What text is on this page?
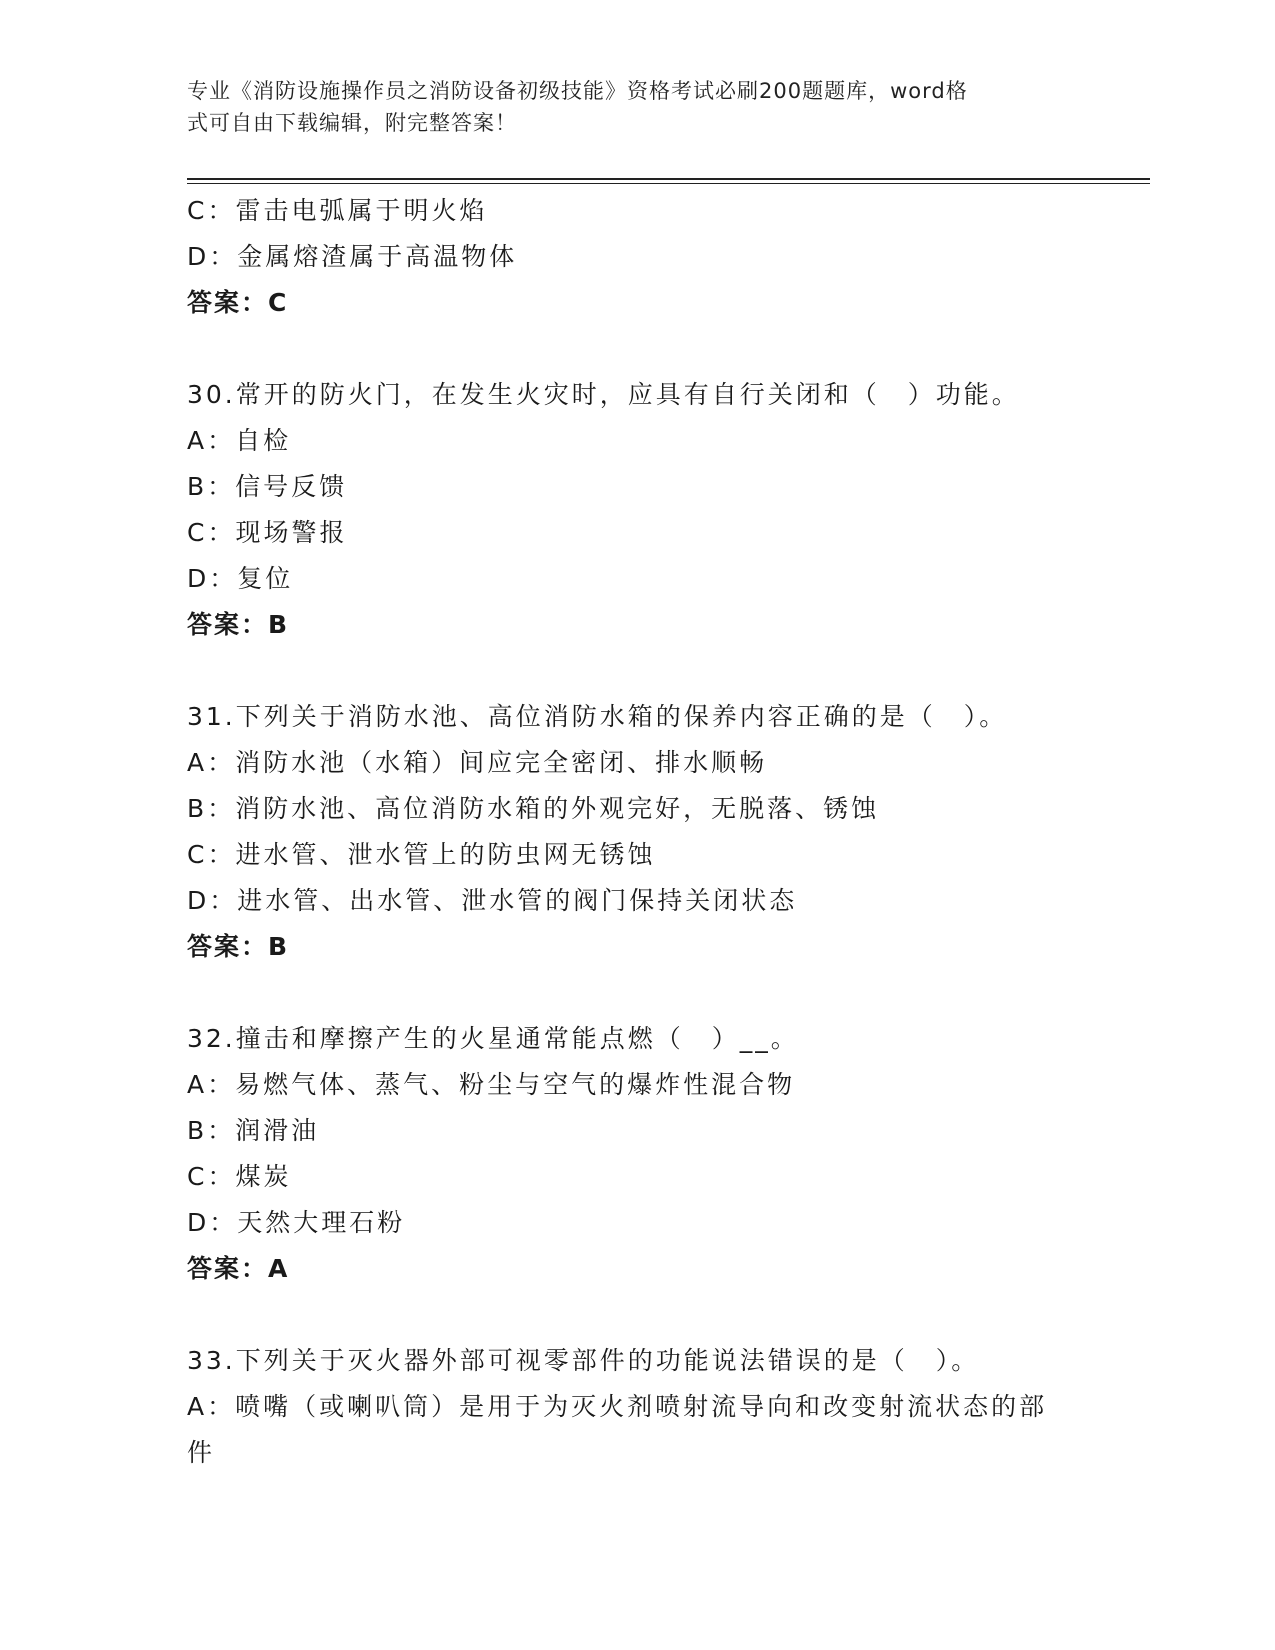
专业《消防设施操作员之消防设备初级技能》资格考试必刷200题题库，word格
式可自由下载编辑，附完整答案！
C：雷击电弧属于明火焰
D：金属熔渣属于高温物体
答案：C
30.常开的防火门，在发生火灾时，应具有自行关闭和（　）功能。
A：自检
B：信号反馈
C：现场警报
D：复位
答案：B
31.下列关于消防水池、高位消防水箱的保养内容正确的是（　）。
A：消防水池（水箱）间应完全密闭、排水顺畅
B：消防水池、高位消防水箱的外观完好，无脱落、锈蚀
C：进水管、泄水管上的防虫网无锈蚀
D：进水管、出水管、泄水管的阀门保持关闭状态
答案：B
32.撞击和摩擦产生的火星通常能点燃（　）__。
A：易燃气体、蒸气、粉尘与空气的爆炸性混合物
B：润滑油
C：煤炭
D：天然大理石粉
答案：A
33.下列关于灭火器外部可视零部件的功能说法错误的是（　）。
A：喷嘴（或喇叭筒）是用于为灭火剂喷射流导向和改变射流状态的部
件
